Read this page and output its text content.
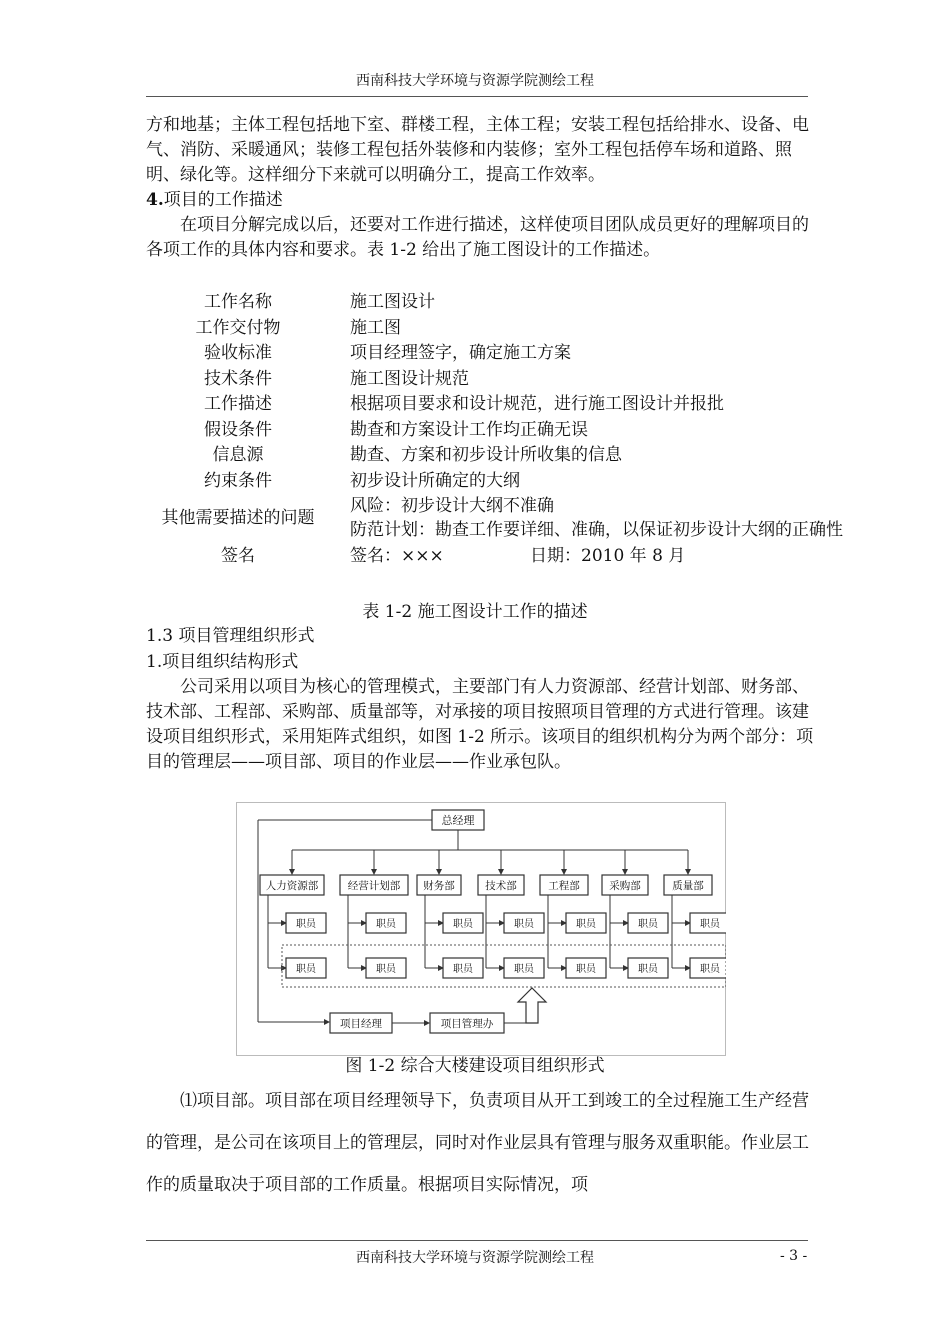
西南科技大学环境与资源学院测绘工程

方和地基；主体工程包括地下室、群楼工程，主体工程；安装工程包括给排水、设备、电气、消防、采暖通风；装修工程包括外装修和内装修；室外工程包括停车场和道路、照明、绿化等。这样细分下来就可以明确分工，提高工作效率。

4.项目的工作描述

在项目分解完成以后，还要对工作进行描述，这样使项目团队成员更好的理解项目的各项工作的具体内容和要求。表 1-2 给出了施工图设计的工作描述。

工作名称	施工图设计
工作交付物	施工图
验收标准	项目经理签字，确定施工方案
技术条件	施工图设计规范
工作描述	根据项目要求和设计规范，进行施工图设计并报批
假设条件	勘查和方案设计工作均正确无误
信息源	勘查、方案和初步设计所收集的信息
约束条件	初步设计所确定的大纲
其他需要描述的问题	风险：初步设计大纲不准确
防范计划：勘查工作要详细、准确，以保证初步设计大纲的正确性

签名	签名：××× 日期：2010 年 8 月
表 1-2 施工图设计工作的描述
1.3 项目管理组织形式
1.项目组织结构形式

公司采用以项目为核心的管理模式，主要部门有人力资源部、经营计划部、财务部、技术部、工程部、采购部、质量部等，对承接的项目按照项目管理的方式进行管理。该建设项目组织形式，采用矩阵式组织，如图 1-2 所示。该项目的组织机构分为两个部分：项目的管理层——项目部、项目的作业层——作业承包队。

总经理
人力资源部
职员
职员
经营计划部
职员
职员
财务部
职员
职员
技术部
职员
职员
工程部
职员
职员
采购部
职员
职员
质量部
职员
职员
项目经理	项目管理办
图 1-2 综合大楼建设项目组织形式

⑴项目部。项目部在项目经理领导下，负责项目从开工到竣工的全过程施工生产经营的管理，是公司在该项目上的管理层，同时对作业层具有管理与服务双重职能。作业层工作的质量取决于项目部的工作质量。根据项目实际情况，项

西南科技大学环境与资源学院测绘工程	- 3 -
